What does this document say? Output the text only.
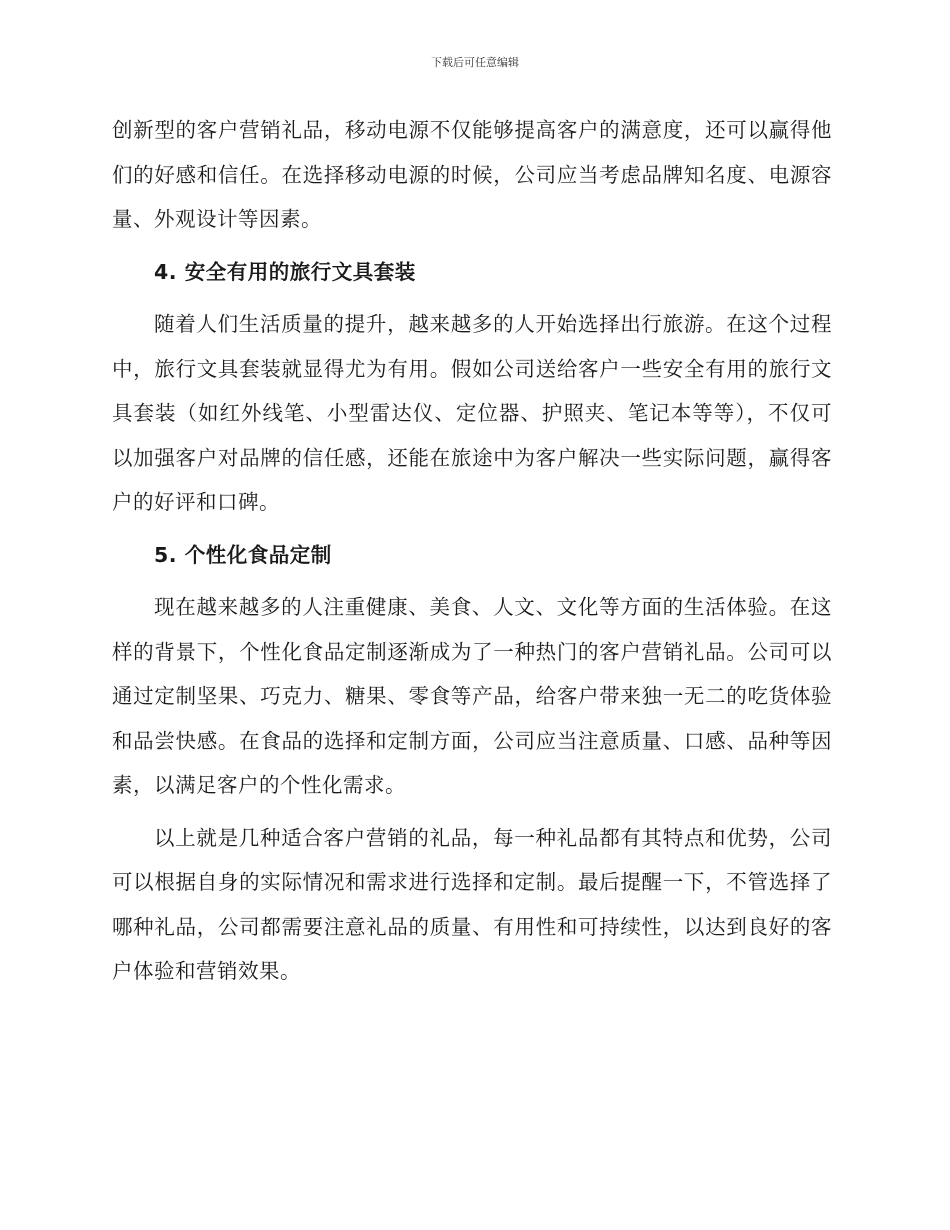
下载后可任意编辑

创新型的客户营销礼品，移动电源不仅能够提高客户的满意度，还可以赢得他们的好感和信任。在选择移动电源的时候，公司应当考虑品牌知名度、电源容量、外观设计等因素。

4. 安全有用的旅行文具套装

随着人们生活质量的提升，越来越多的人开始选择出行旅游。在这个过程中，旅行文具套装就显得尤为有用。假如公司送给客户一些安全有用的旅行文具套装（如红外线笔、小型雷达仪、定位器、护照夹、笔记本等等），不仅可以加强客户对品牌的信任感，还能在旅途中为客户解决一些实际问题，赢得客户的好评和口碑。

5. 个性化食品定制

现在越来越多的人注重健康、美食、人文、文化等方面的生活体验。在这样的背景下，个性化食品定制逐渐成为了一种热门的客户营销礼品。公司可以通过定制坚果、巧克力、糖果、零食等产品，给客户带来独一无二的吃货体验和品尝快感。在食品的选择和定制方面，公司应当注意质量、口感、品种等因素，以满足客户的个性化需求。

以上就是几种适合客户营销的礼品，每一种礼品都有其特点和优势，公司可以根据自身的实际情况和需求进行选择和定制。最后提醒一下，不管选择了哪种礼品，公司都需要注意礼品的质量、有用性和可持续性，以达到良好的客户体验和营销效果。
